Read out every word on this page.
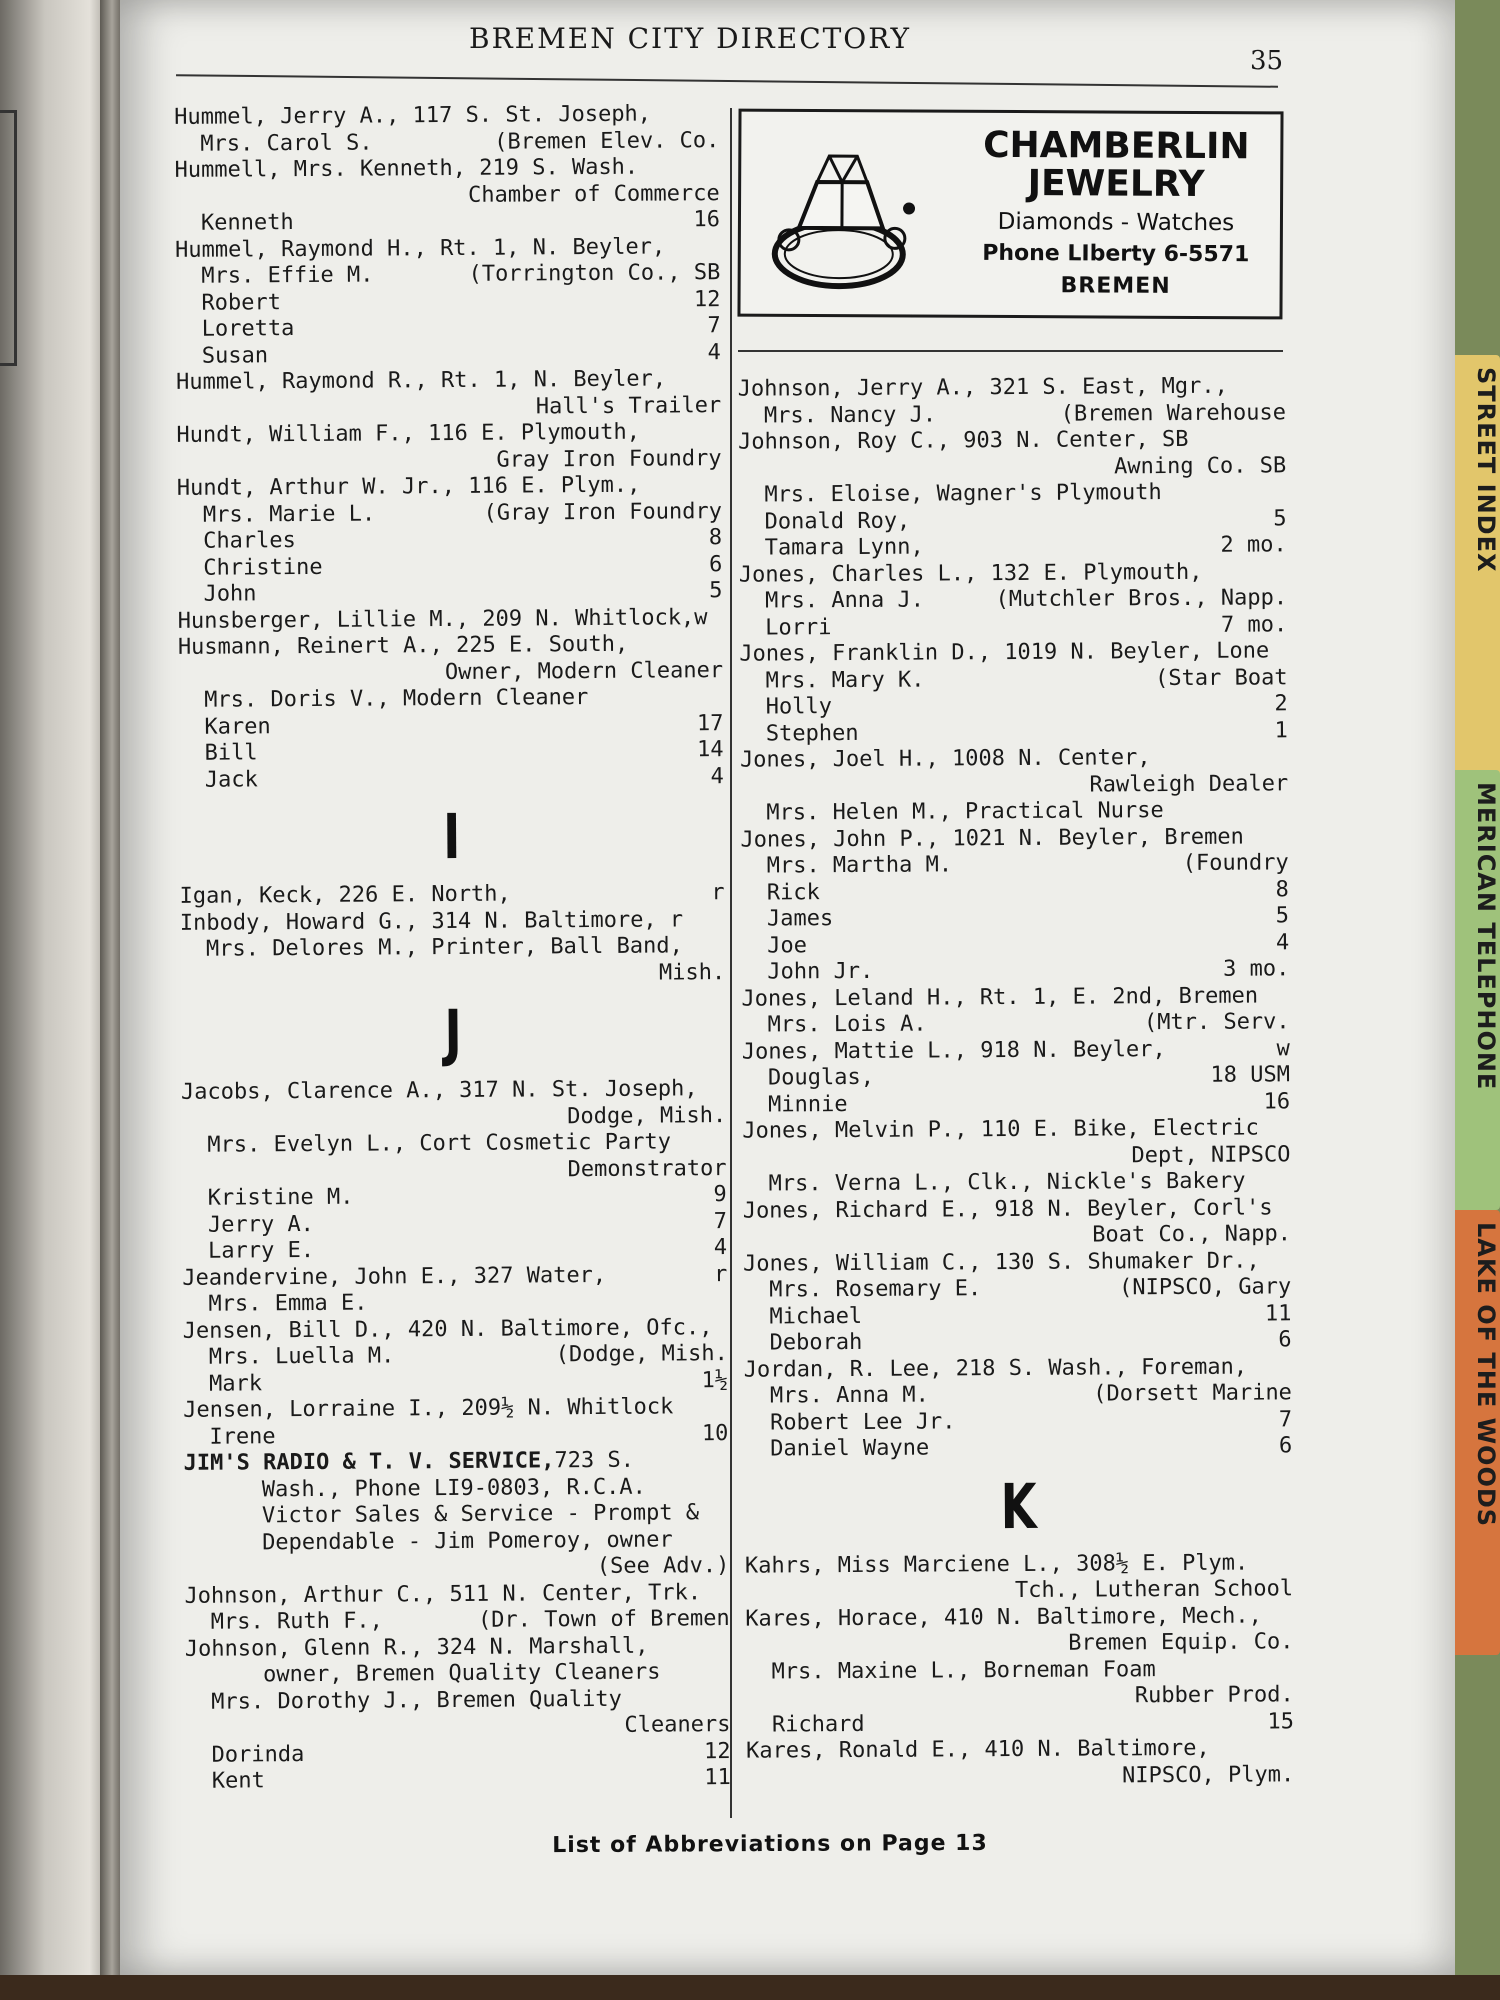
STREET INDEX
MERICAN TELEPHONE
LAKE OF THE WOODS
BREMEN CITY DIRECTORY
35
Hummel, Jerry A., 117 S. St. Joseph,
Mrs. Carol S.	(Bremen Elev. Co.
Hummell, Mrs. Kenneth, 219 S. Wash.
Chamber of Commerce
Kenneth	16
Hummel, Raymond H., Rt. 1, N. Beyler,
Mrs. Effie M.	(Torrington Co., SB
Robert	12
Loretta	7
Susan	4
Hummel, Raymond R., Rt. 1, N. Beyler,
Hall's Trailer
Hundt, William F., 116 E. Plymouth,
Gray Iron Foundry
Hundt, Arthur W. Jr., 116 E. Plym.,
Mrs. Marie L.	(Gray Iron Foundry
Charles	8
Christine	6
John	5
Hunsberger, Lillie M., 209 N. Whitlock,w
Husmann, Reinert A., 225 E. South,
Owner, Modern Cleaner
Mrs. Doris V., Modern Cleaner
Karen	17
Bill	14
Jack	4
I
Igan, Keck, 226 E. North,	r
Inbody, Howard G., 314 N. Baltimore, r
Mrs. Delores M., Printer, Ball Band,
Mish.
J
Jacobs, Clarence A., 317 N. St. Joseph,
Dodge, Mish.
Mrs. Evelyn L., Cort Cosmetic Party
Demonstrator
Kristine M.	9
Jerry A.	7
Larry E.	4
Jeandervine, John E., 327 Water,	r
Mrs. Emma E.
Jensen, Bill D., 420 N. Baltimore, Ofc.,
Mrs. Luella M.	(Dodge, Mish.
Mark	1½
Jensen, Lorraine I., 209½ N. Whitlock
Irene	10
JIM'S RADIO & T. V. SERVICE,723 S.
Wash., Phone LI9-0803, R.C.A.
Victor Sales & Service - Prompt &
Dependable - Jim Pomeroy, owner
(See Adv.)
Johnson, Arthur C., 511 N. Center, Trk.
Mrs. Ruth F.,	(Dr. Town of Bremen
Johnson, Glenn R., 324 N. Marshall,
owner, Bremen Quality Cleaners
Mrs. Dorothy J., Bremen Quality
Cleaners
Dorinda	12
Kent	11
CHAMBERLIN
JEWELRY
Diamonds - Watches
Phone LIberty 6-5571
BREMEN
Johnson, Jerry A., 321 S. East, Mgr.,
Mrs. Nancy J.	(Bremen Warehouse
Johnson, Roy C., 903 N. Center, SB
Awning Co. SB
Mrs. Eloise, Wagner's Plymouth
Donald Roy,	5
Tamara Lynn,	2 mo.
Jones, Charles L., 132 E. Plymouth,
Mrs. Anna J.	(Mutchler Bros., Napp.
Lorri	7 mo.
Jones, Franklin D., 1019 N. Beyler, Lone
Mrs. Mary K.	(Star Boat
Holly	2
Stephen	1
Jones, Joel H., 1008 N. Center,
Rawleigh Dealer
Mrs. Helen M., Practical Nurse
Jones, John P., 1021 N. Beyler, Bremen
Mrs. Martha M.	(Foundry
Rick	8
James	5
Joe	4
John Jr.	3 mo.
Jones, Leland H., Rt. 1, E. 2nd, Bremen
Mrs. Lois A.	(Mtr. Serv.
Jones, Mattie L., 918 N. Beyler,	w
Douglas,	18 USM
Minnie	16
Jones, Melvin P., 110 E. Bike, Electric
Dept, NIPSCO
Mrs. Verna L., Clk., Nickle's Bakery
Jones, Richard E., 918 N. Beyler, Corl's
Boat Co., Napp.
Jones, William C., 130 S. Shumaker Dr.,
Mrs. Rosemary E.	(NIPSCO, Gary
Michael	11
Deborah	6
Jordan, R. Lee, 218 S. Wash., Foreman,
Mrs. Anna M.	(Dorsett Marine
Robert Lee Jr.	7
Daniel Wayne	6
K
Kahrs, Miss Marciene L., 308½ E. Plym.
Tch., Lutheran School
Kares, Horace, 410 N. Baltimore, Mech.,
Bremen Equip. Co.
Mrs. Maxine L., Borneman Foam
Rubber Prod.
Richard	15
Kares, Ronald E., 410 N. Baltimore,
NIPSCO, Plym.
List of Abbreviations on Page 13
